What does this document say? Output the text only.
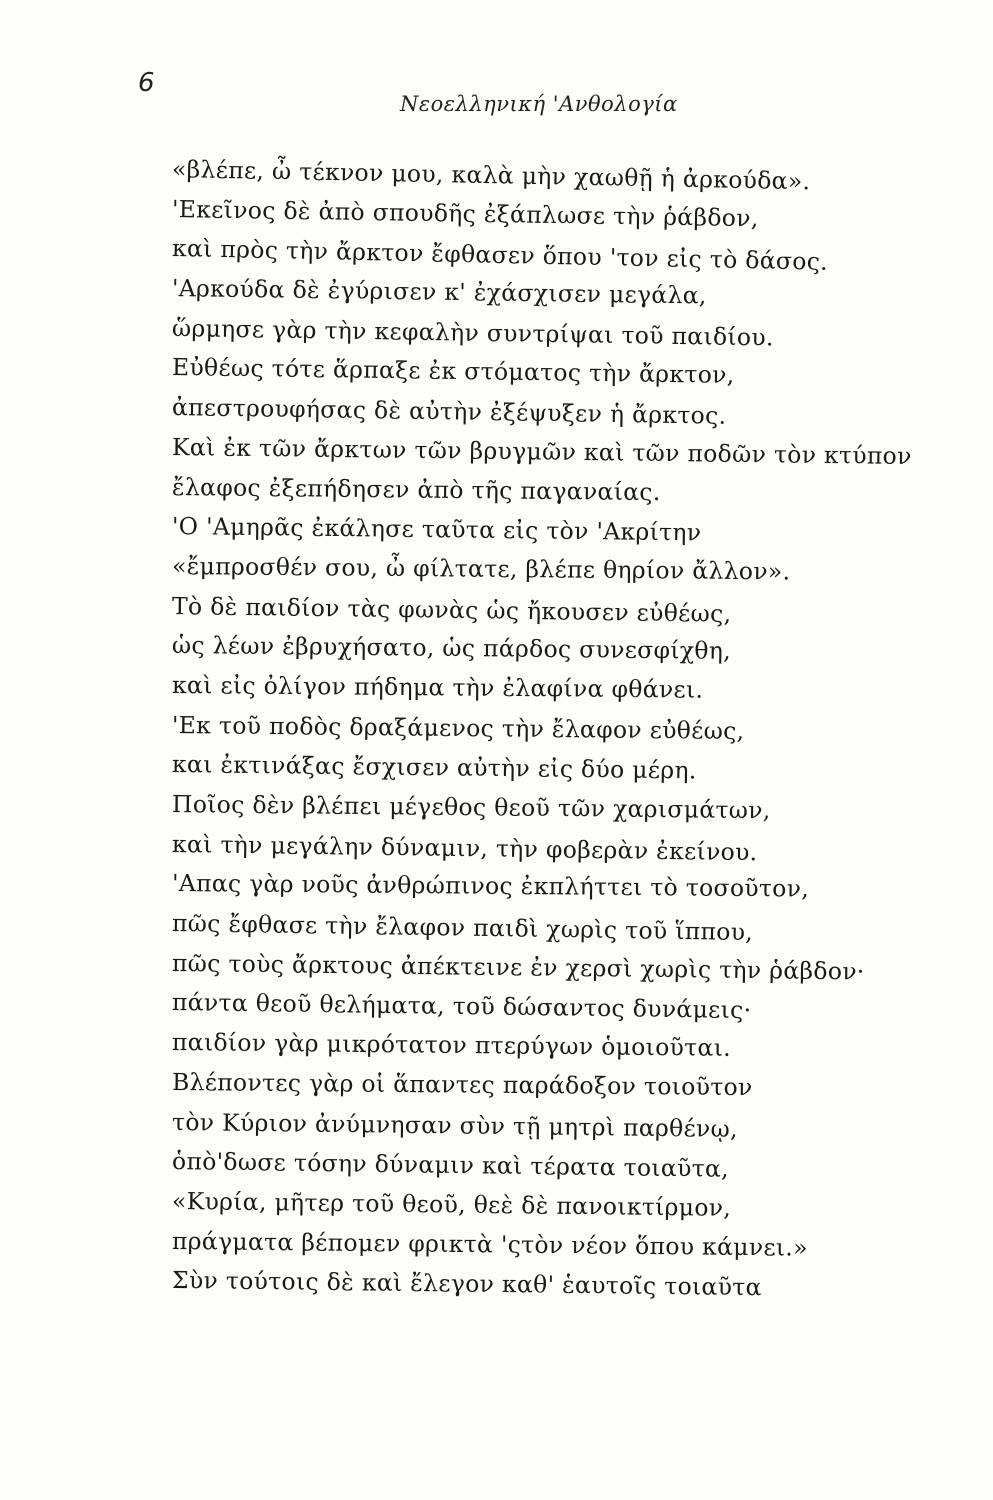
6
Νεοελληνική 'Ανθολογία
«βλέπε, ὦ τέκνον μου, καλὰ μὴν χαωθῇ ἡ ἀρκούδα».
'Εκεῖνος δὲ ἀπὸ σπουδῆς ἐξάπλωσε τὴν ῥάβδον,
καὶ πρὸς τὴν ἄρκτον ἔφθασεν ὅπου 'τον εἰς τὸ δάσος.
'Αρκούδα δὲ ἐγύρισεν κ' ἐχάσχισεν μεγάλα,
ὥρμησε γὰρ τὴν κεφαλὴν συντρίψαι τοῦ παιδίου.
Εὐθέως τότε ἅρπαξε ἐκ στόματος τὴν ἄρκτον,
ἀπεστρουφήσας δὲ αὐτὴν ἐξέψυξεν ἡ ἄρκτος.
Καὶ ἐκ τῶν ἄρκτων τῶν βρυγμῶν καὶ τῶν ποδῶν τὸν κτύπον
ἔλαφος ἐξεπήδησεν ἀπὸ τῆς παγαναίας.
'Ο 'Αμηρᾶς ἐκάλησε ταῦτα εἰς τὸν 'Ακρίτην
«ἔμπροσθέν σου, ὦ φίλτατε, βλέπε θηρίον ἄλλον».
Τὸ δὲ παιδίον τὰς φωνὰς ὡς ἤκουσεν εὐθέως,
ὡς λέων ἐβρυχήσατο, ὡς πάρδος συνεσφίχθη,
καὶ εἰς ὀλίγον πήδημα τὴν ἐλαφίνα φθάνει.
'Εκ τοῦ ποδὸς δραξάμενος τὴν ἔλαφον εὐθέως,
και ἐκτινάξας ἔσχισεν αὐτὴν εἰς δύο μέρη.
Ποῖος δὲν βλέπει μέγεθος θεοῦ τῶν χαρισμάτων,
καὶ τὴν μεγάλην δύναμιν, τὴν φοβερὰν ἐκείνου.
'Απας γὰρ νοῦς ἀνθρώπινος ἐκπλήττει τὸ τοσοῦτον,
πῶς ἔφθασε τὴν ἔλαφον παιδὶ χωρὶς τοῦ ἵππου,
πῶς τοὺς ἄρκτους ἀπέκτεινε ἐν χερσὶ χωρὶς τὴν ῥάβδον·
πάντα θεοῦ θελήματα, τοῦ δώσαντος δυνάμεις·
παιδίον γὰρ μικρότατον πτερύγων ὁμοιοῦται.
Βλέποντες γὰρ οἱ ἅπαντες παράδοξον τοιοῦτον
τὸν Κύριον ἀνύμνησαν σὺν τῇ μητρὶ παρθένῳ,
ὁπὸ'δωσε τόσην δύναμιν καὶ τέρατα τοιαῦτα,
«Κυρία, μῆτερ τοῦ θεοῦ, θεὲ δὲ πανοικτίρμον,
πράγματα βέπομεν φρικτὰ 'ςτὸν νέον ὅπου κάμνει.»
Σὺν τούτοις δὲ καὶ ἔλεγον καθ' ἑαυτοῖς τοιαῦτα
